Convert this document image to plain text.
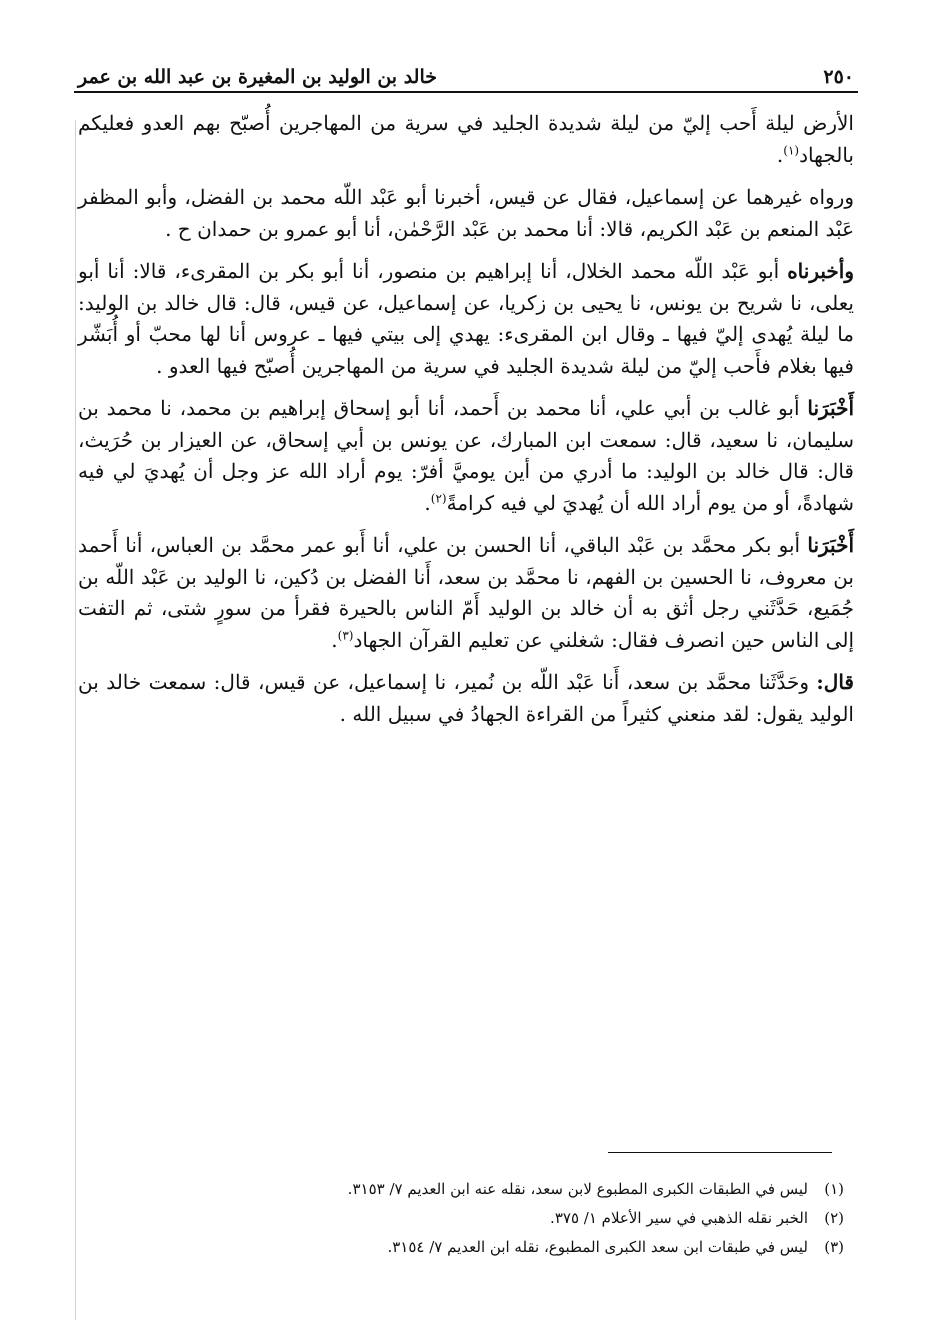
٢٥٠
خالد بن الوليد بن المغيرة بن عبد الله بن عمر

الأرض ليلة أَحب إليّ من ليلة شديدة الجليد في سرية من المهاجرين أُصبّح بهم العدو فعليكم بالجهاد$^{(١)}$.

ورواه غيرهما عن إسماعيل، فقال عن قيس، أخبرنا أبو عَبْد اللّه محمد بن الفضل، وأبو المظفر عَبْد المنعم بن عَبْد الكريم، قالا: أنا محمد بن عَبْد الرَّحْمٰن، أنا أبو عمرو بن حمدان ح .

وأخبرناه أبو عَبْد اللّه محمد الخلال، أنا إبراهيم بن منصور، أنا أبو بكر بن المقرىء، قالا: أنا أبو يعلى، نا شريح بن يونس، نا يحيى بن زكريا، عن إسماعيل، عن قيس، قال: قال خالد بن الوليد: ما ليلة يُهدى إليّ فيها ـ وقال ابن المقرىء: يهدي إلى بيتي فيها ـ عروس أنا لها محبّ أو أُبَشّر فيها بغلام فأَحب إليّ من ليلة شديدة الجليد في سرية من المهاجرين أُصبّح فيها العدو .

أَخْبَرَنا أبو غالب بن أبي علي، أنا محمد بن أَحمد، أنا أبو إسحاق إبراهيم بن محمد، نا محمد بن سليمان، نا سعيد، قال: سمعت ابن المبارك، عن يونس بن أبي إسحاق، عن العيزار بن حُرَيث، قال: قال خالد بن الوليد: ما أدري من أين يوميَّ أفرّ: يوم أراد الله عز وجل أن يُهديَ لي فيه شهادةً، أو من يوم أراد الله أن يُهديَ لي فيه كرامةً$^{(٢)}$.

أَخْبَرَنا أبو بكر محمَّد بن عَبْد الباقي، أنا الحسن بن علي، أنا أَبو عمر محمَّد بن العباس، أنا أَحمد بن معروف، نا الحسين بن الفهم، نا محمَّد بن سعد، أَنا الفضل بن دُكين، نا الوليد بن عَبْد اللّه بن جُمَيع، حَدَّثَني رجل أثق به أن خالد بن الوليد أَمّ الناس بالحيرة فقرأ من سورٍ شتى، ثم التفت إلى الناس حين انصرف فقال: شغلني عن تعليم القرآن الجهاد$^{(٣)}$.

قال: وحَدَّثَنا محمَّد بن سعد، أَنا عَبْد اللّه بن نُمير، نا إسماعيل، عن قيس، قال: سمعت خالد بن الوليد يقول: لقد منعني كثيراً من القراءة الجهادُ في سبيل الله .

(١)
ليس في الطبقات الكبرى المطبوع لابن سعد، نقله عنه ابن العديم ٧/ ٣١٥٣.
(٢)
الخبر نقله الذهبي في سير الأعلام ١/ ٣٧٥.
(٣)
ليس في طبقات ابن سعد الكبرى المطبوع، نقله ابن العديم ٧/ ٣١٥٤.
